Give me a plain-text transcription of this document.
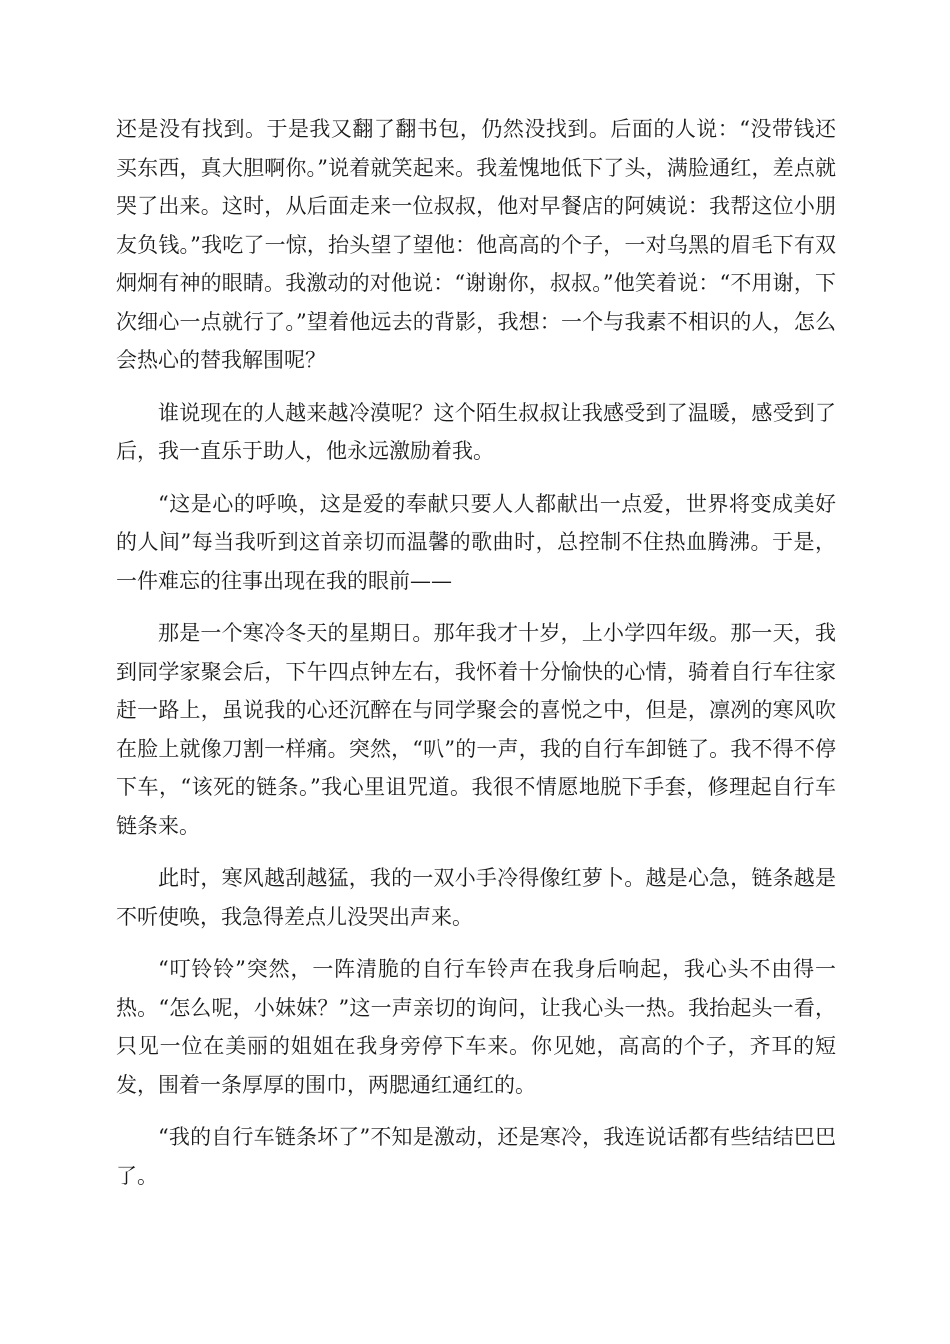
还是没有找到。于是我又翻了翻书包，仍然没找到。后面的人说：“没带钱还买东西，真大胆啊你。”说着就笑起来。我羞愧地低下了头，满脸通红，差点就哭了出来。这时，从后面走来一位叔叔，他对早餐店的阿姨说：我帮这位小朋友负钱。”我吃了一惊，抬头望了望他：他高高的个子，一对乌黑的眉毛下有双炯炯有神的眼睛。我激动的对他说：“谢谢你，叔叔。”他笑着说：“不用谢，下次细心一点就行了。”望着他远去的背影，我想：一个与我素不相识的人，怎么会热心的替我解围呢？

谁说现在的人越来越冷漠呢？这个陌生叔叔让我感受到了温暖，感受到了后，我一直乐于助人，他永远激励着我。

“这是心的呼唤，这是爱的奉献只要人人都献出一点爱，世界将变成美好的人间”每当我听到这首亲切而温馨的歌曲时，总控制不住热血腾沸。于是，一件难忘的往事出现在我的眼前——

那是一个寒冷冬天的星期日。那年我才十岁，上小学四年级。那一天，我到同学家聚会后，下午四点钟左右，我怀着十分愉快的心情，骑着自行车往家赶一路上，虽说我的心还沉醉在与同学聚会的喜悦之中，但是，凛冽的寒风吹在脸上就像刀割一样痛。突然，“叭”的一声，我的自行车卸链了。我不得不停下车，“该死的链条。”我心里诅咒道。我很不情愿地脱下手套，修理起自行车链条来。

此时，寒风越刮越猛，我的一双小手冷得像红萝卜。越是心急，链条越是不听使唤，我急得差点儿没哭出声来。

“叮铃铃”突然，一阵清脆的自行车铃声在我身后响起，我心头不由得一热。“怎么呢，小妹妹？”这一声亲切的询问，让我心头一热。我抬起头一看，只见一位在美丽的姐姐在我身旁停下车来。你见她，高高的个子，齐耳的短发，围着一条厚厚的围巾，两腮通红通红的。

“我的自行车链条坏了”不知是激动，还是寒冷，我连说话都有些结结巴巴了。
